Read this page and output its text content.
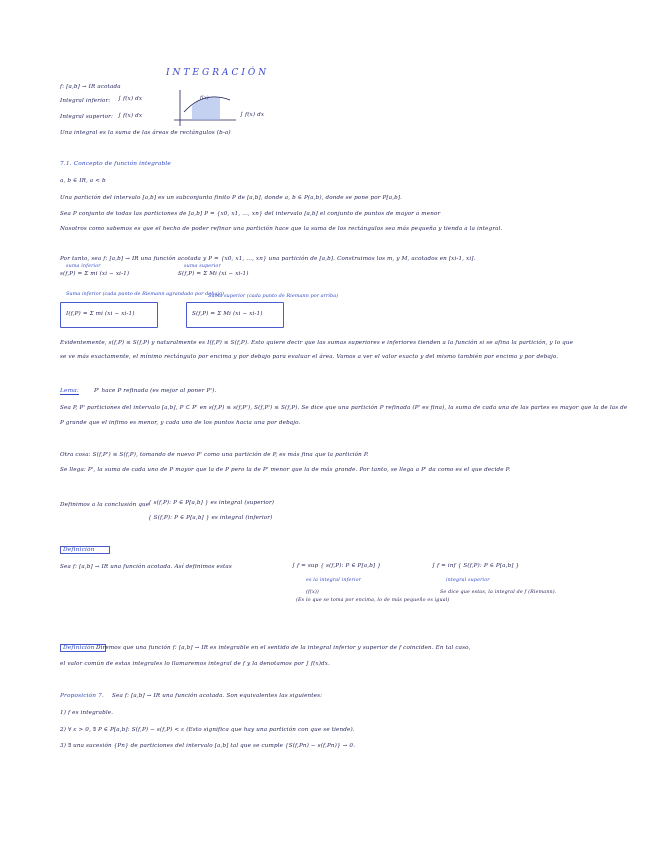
INTEGRACIÓN
f: [a,b] → IR acotada
Integral inferior: ∫ f(x) dx
Integral superior: ∫ f(x) dx
Una integral es la suma de las áreas de rectángulos (b-a)
f(x)
∫ f(x) dx
7.1. Concepto de función integrable
a, b ∈ IR, a < b
Una partición del intervalo [a,b] es un subconjunto finito P de [a,b], donde a, b ∈ P(a,b), donde se pone por P[a,b].
Sea P conjunto de todas las particiones de [a,b] P = {x0, x1, ..., xn} del intervalo [a,b] el conjunto de puntos de mayor a menor
Nosotros como sabemos es que el hecho de poder refinar una partición hace que la suma de los rectángulos sea más pequeña y tienda a la integral.
Por tanto, sea f: [a,b] → IR una función acotada y P = {x0, x1, ..., xn} una partición de [a,b]. Construimos los m, y M, acotados en [xi-1, xi].
s(f,P) = Σ mi (xi − xi-1)
suma inferior
S(f,P) = Σ Mi (xi − xi-1)
suma superior
Suma inferior (cada punto de Riemann agrandado por debajo)
I(f,P) = Σ mi (xi − xi-1)
Suma superior (cada punto de Riemann por arriba)
S(f,P) = Σ Mi (xi − xi-1)
Evidentemente, s(f,P) ≤ S(f,P) y naturalmente es I(f,P) ≤ S(f,P). Esto quiere decir que las sumas superiores e inferiores tienden a la función si se afina la partición, y lo que
se ve más exactamente, el mínimo rectángulo por encima y por debajo para evaluar el área. Vamos a ver el valor exacto y del mismo también por encima y por debajo.
Lema:	P' hace P refinada (es mejor al poner P').
Sea P, P' particiones del intervalo [a,b], P ⊂ P' en s(f,P) ≤ s(f,P'), S(f,P') ≤ S(f,P). Se dice que una partición P refinada (P' es fina), la suma de cada una de las partes es mayor que la de las de
P grande que el infimo es menor, y cada uno de los puntos hacia una por debajo.
Otra cosa: S(f,P') ≤ S(f,P), tomando de nuevo P' como una partición de P, es más fina que la partición P.
Se llega: P', la suma de cada uno de P mayor que la de P pero la de P' menor que la de más grande. Por tanto, se llega a P' da como es el que decide P.
Definimos a la conclusión que
{ s(f,P): P ∈ P[a,b] } es integral (superior)
{ S(f,P): P ∈ P[a,b] } es integral (inferior)
Definición
Sea f: [a,b] → IR una función acotada. Así definimos estas	∫ f = sup { s(f,P): P ∈ P[a,b] }
es la integral inferior
(f(x))
(Es lo que se toma por encima, lo de más pequeño es igual)
∫ f = inf { S(f,P): P ∈ P[a,b] }
integral superior
Se dice que estas, la integral de f (Riemann).
Definición Diremos que una función f: [a,b] → IR es integrable en el sentido de la integral inferior y superior de f coinciden. En tal caso,
el valor común de estas integrales lo llamaremos integral de f y la denotamos por ∫ f(x)dx.
Proposición 7. Sea f: [a,b] → IR una función acotada. Son equivalentes las siguientes:
1) f es integrable.
2) ∀ ε > 0, ∃ P ∈ P[a,b]: S(f,P) − s(f,P) < ε (Esto significa que hay una partición con que se tiende).
3) ∃ una sucesión {Pn} de particiones del intervalo [a,b] tal que se cumple {S(f,Pn) − s(f,Pn)} → 0.
